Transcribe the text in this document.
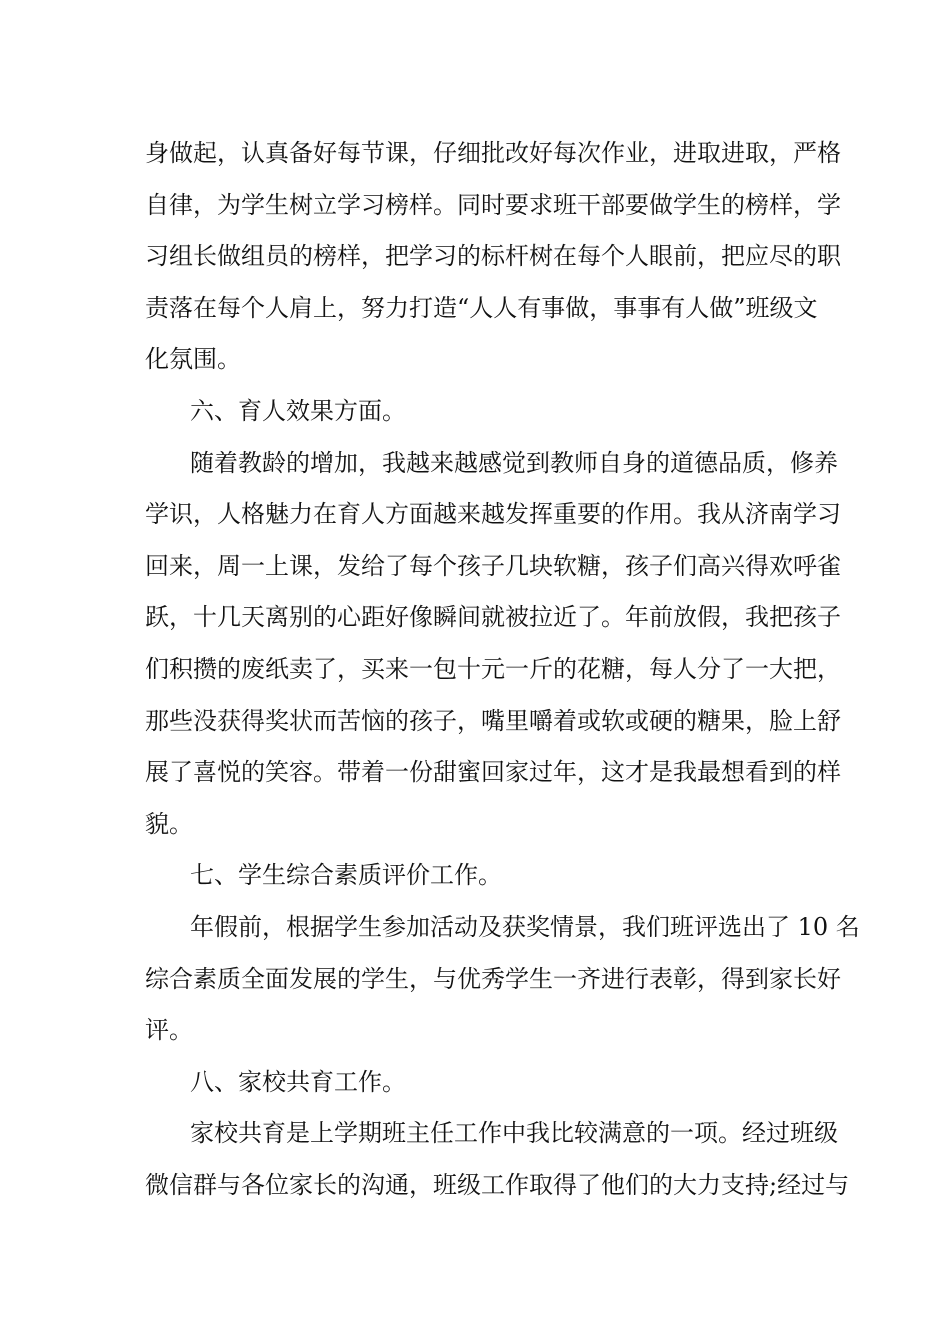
身做起，认真备好每节课，仔细批改好每次作业，进取进取，严格
自律，为学生树立学习榜样。同时要求班干部要做学生的榜样，学
习组长做组员的榜样，把学习的标杆树在每个人眼前，把应尽的职
责落在每个人肩上，努力打造“人人有事做，事事有人做”班级文
化氛围。
六、育人效果方面。
随着教龄的增加，我越来越感觉到教师自身的道德品质，修养
学识，人格魅力在育人方面越来越发挥重要的作用。我从济南学习
回来，周一上课，发给了每个孩子几块软糖，孩子们高兴得欢呼雀
跃，十几天离别的心距好像瞬间就被拉近了。年前放假，我把孩子
们积攒的废纸卖了，买来一包十元一斤的花糖，每人分了一大把，
那些没获得奖状而苦恼的孩子，嘴里嚼着或软或硬的糖果，脸上舒
展了喜悦的笑容。带着一份甜蜜回家过年，这才是我最想看到的样
貌。
七、学生综合素质评价工作。
年假前，根据学生参加活动及获奖情景，我们班评选出了 10 名
综合素质全面发展的学生，与优秀学生一齐进行表彰，得到家长好
评。
八、家校共育工作。
家校共育是上学期班主任工作中我比较满意的一项。经过班级
微信群与各位家长的沟通，班级工作取得了他们的大力支持;经过与
